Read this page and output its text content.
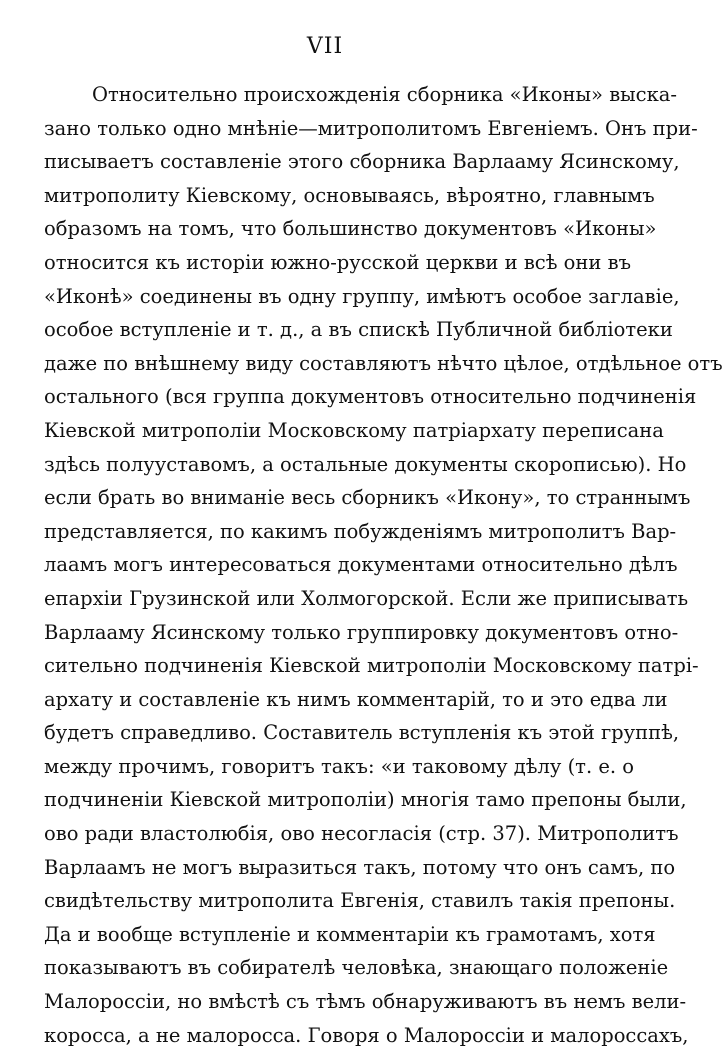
VII
Относительно происхожденія сборника «Иконы» выска-
зано только одно мнѣніе—митрополитомъ Евгеніемъ. Онъ при-
писываетъ составленіе этого сборника Варлааму Ясинскому,
митрополиту Кіевскому, основываясь, вѣроятно, главнымъ
образомъ на томъ, что большинство документовъ «Иконы»
относится къ исторіи южно-русской церкви и всѣ они въ
«Иконѣ» соединены въ одну группу, имѣютъ особое заглавіе,
особое вступленіе и т. д., а въ спискѣ Публичной библіотеки
даже по внѣшнему виду составляютъ нѣчто цѣлое, отдѣльное отъ
остального (вся группа документовъ относительно подчиненія
Кіевской митрополіи Московскому патріархату переписана
здѣсь полууставомъ, а остальные документы скорописью). Но
если брать во вниманіе весь сборникъ «Икону», то страннымъ
представляется, по какимъ побужденіямъ митрополитъ Вар-
лаамъ могъ интересоваться документами относительно дѣлъ
епархіи Грузинской или Холмогорской. Если же приписывать
Варлааму Ясинскому только группировку документовъ отно-
сительно подчиненія Кіевской митрополіи Московскому патрі-
архату и составленіе къ нимъ комментарій, то и это едва ли
будетъ справедливо. Составитель вступленія къ этой группѣ,
между прочимъ, говоритъ такъ: «и таковому дѣлу (т. е. о
подчиненіи Кіевской митрополіи) многія тамо препоны были,
ово ради властолюбія, ово несогласія (стр. 37). Митрополитъ
Варлаамъ не могъ выразиться такъ, потому что онъ самъ, по
свидѣтельству митрополита Евгенія, ставилъ такія препоны.
Да и вообще вступленіе и комментаріи къ грамотамъ, хотя
показываютъ въ собирателѣ человѣка, знающаго положеніе
Малороссіи, но вмѣстѣ съ тѣмъ обнаруживаютъ въ немъ вели-
коросса, а не малоросса. Говоря о Малороссіи и малороссахъ,
